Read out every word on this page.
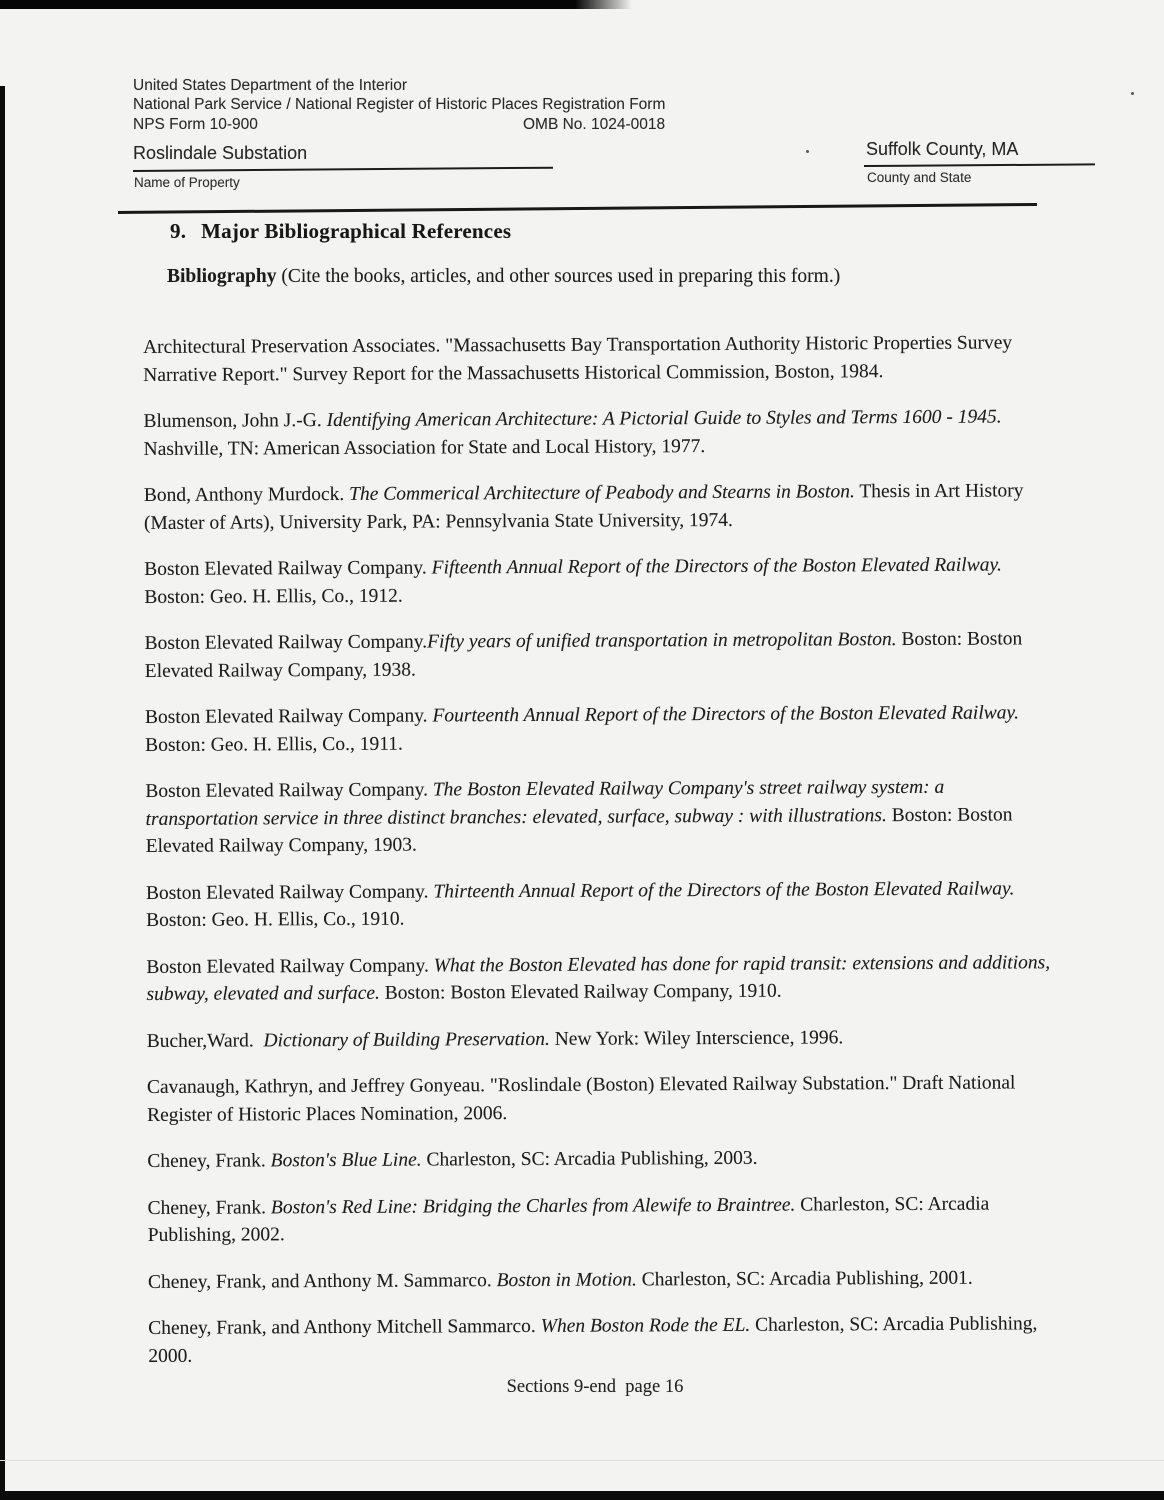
United States Department of the Interior
National Park Service / National Register of Historic Places Registration Form
NPS Form 10-900	OMB No. 1024-0018
Roslindale Substation
Name of Property
Suffolk County, MA
County and State
9. Major Bibliographical References
Bibliography (Cite the books, articles, and other sources used in preparing this form.)

Architectural Preservation Associates. "Massachusetts Bay Transportation Authority Historic Properties Survey Narrative Report." Survey Report for the Massachusetts Historical Commission, Boston, 1984.

Blumenson, John J.-G. Identifying American Architecture: A Pictorial Guide to Styles and Terms 1600 - 1945. Nashville, TN: American Association for State and Local History, 1977.

Bond, Anthony Murdock. The Commerical Architecture of Peabody and Stearns in Boston. Thesis in Art History (Master of Arts), University Park, PA: Pennsylvania State University, 1974.

Boston Elevated Railway Company. Fifteenth Annual Report of the Directors of the Boston Elevated Railway. Boston: Geo. H. Ellis, Co., 1912.

Boston Elevated Railway Company.Fifty years of unified transportation in metropolitan Boston. Boston: Boston Elevated Railway Company, 1938.

Boston Elevated Railway Company. Fourteenth Annual Report of the Directors of the Boston Elevated Railway. Boston: Geo. H. Ellis, Co., 1911.

Boston Elevated Railway Company. The Boston Elevated Railway Company's street railway system: a transportation service in three distinct branches: elevated, surface, subway : with illustrations. Boston: Boston Elevated Railway Company, 1903.

Boston Elevated Railway Company. Thirteenth Annual Report of the Directors of the Boston Elevated Railway. Boston: Geo. H. Ellis, Co., 1910.

Boston Elevated Railway Company. What the Boston Elevated has done for rapid transit: extensions and additions, subway, elevated and surface. Boston: Boston Elevated Railway Company, 1910.

Bucher,Ward.  Dictionary of Building Preservation. New York: Wiley Interscience, 1996.

Cavanaugh, Kathryn, and Jeffrey Gonyeau. "Roslindale (Boston) Elevated Railway Substation." Draft National Register of Historic Places Nomination, 2006.

Cheney, Frank. Boston's Blue Line. Charleston, SC: Arcadia Publishing, 2003.

Cheney, Frank. Boston's Red Line: Bridging the Charles from Alewife to Braintree. Charleston, SC: Arcadia Publishing, 2002.

Cheney, Frank, and Anthony M. Sammarco. Boston in Motion. Charleston, SC: Arcadia Publishing, 2001.

Cheney, Frank, and Anthony Mitchell Sammarco. When Boston Rode the EL. Charleston, SC: Arcadia Publishing, 2000.

Sections 9-end  page 16
